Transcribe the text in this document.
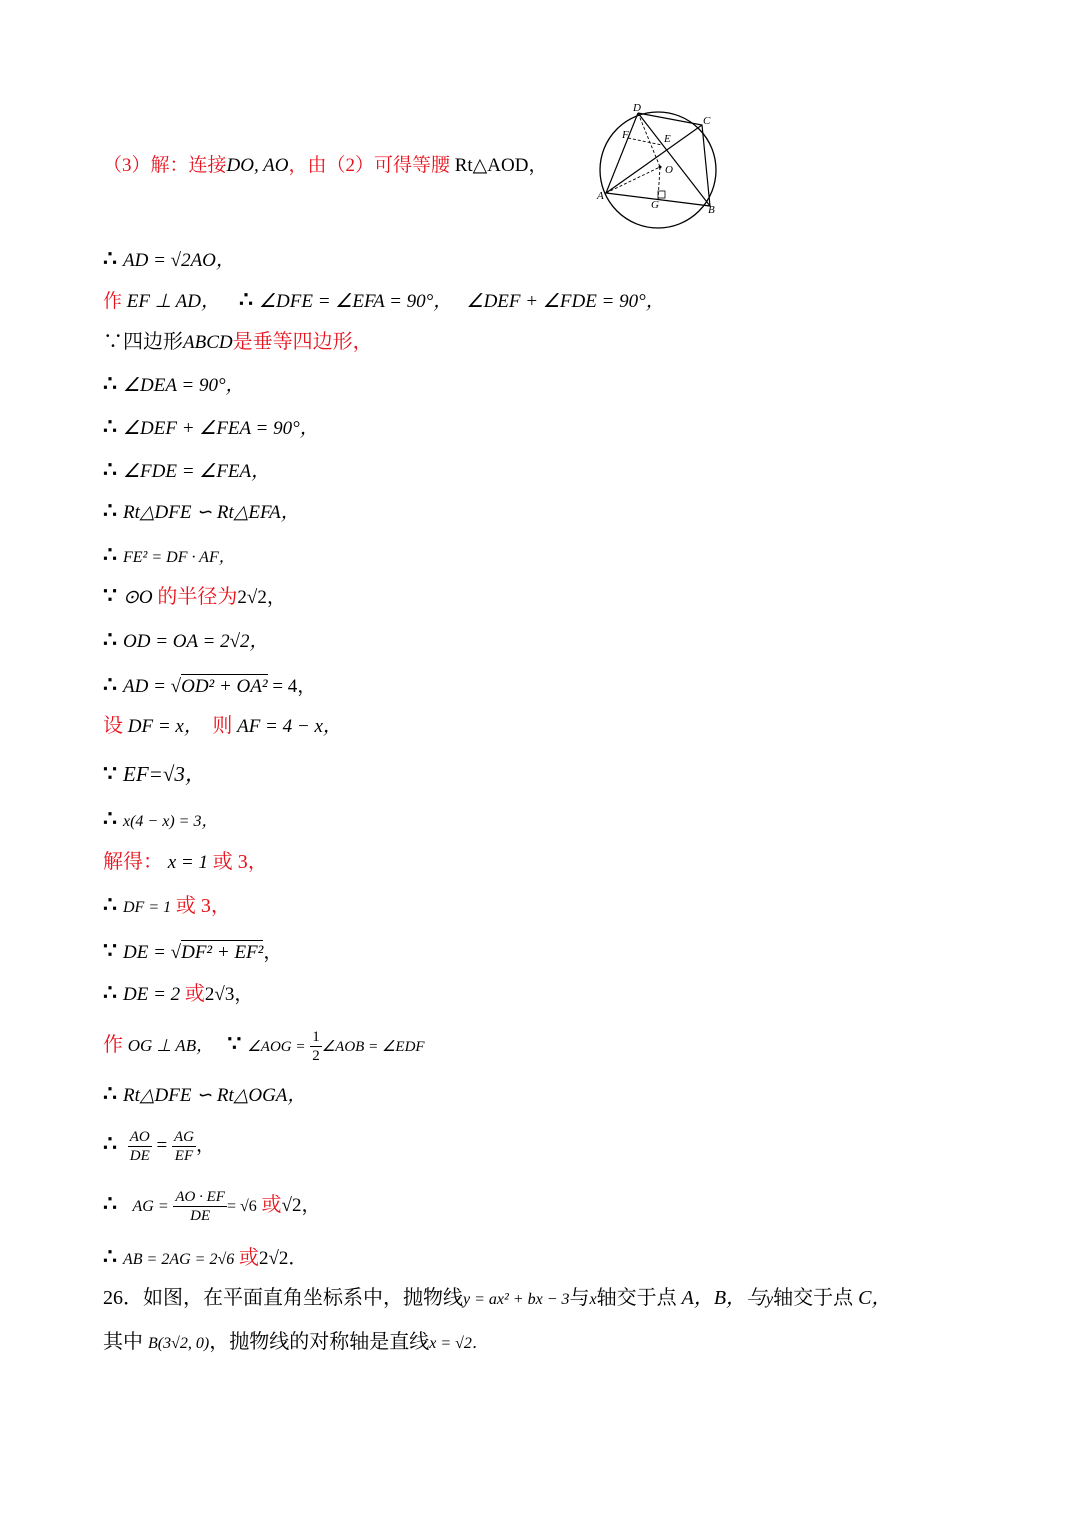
D
C
F	E
O
A
G	B
（3）解：连接DO, AO，由（2）可得等腰 Rt△AOD，
∴ AD = √2AO，
作 EF ⊥ AD， ∴ ∠DFE = ∠EFA = 90°， ∠DEF + ∠FDE = 90°，
∵四边形ABCD是垂等四边形，
∴ ∠DEA = 90°，
∴ ∠DEF + ∠FEA = 90°，
∴ ∠FDE = ∠FEA，
∴ Rt△DFE ∽ Rt△EFA，
∴ FE² = DF · AF，
∵ ⊙O 的半径为2√2，
∴ OD = OA = 2√2，
∴ AD = √OD² + OA² = 4，
设 DF = x， 则 AF = 4 − x，
∵ EF=√3，
∴ x(4 − x) = 3，
解得： x = 1 或 3，
∴ DF = 1 或 3，
∵ DE = √DF² + EF²，
∴ DE = 2 或2√3，
作 OG ⊥ AB， ∵ ∠AOG = $\frac{1}{2}$ ∠AOB = ∠EDF
∴ Rt△DFE ∽ Rt△OGA，
∴ $\frac{AO}{DE} = \frac{AG}{EF}$ ，
∴ AG = $\frac{AO \cdot EF}{DE} = √6$ 或√2，
∴ AB = 2AG = 2√6 或2√2．
26．如图，在平面直角坐标系中，抛物线y = ax² + bx − 3与x轴交于点 A，B，与y轴交于点 C，
其中 B(3√2, 0)，抛物线的对称轴是直线x = √2．
